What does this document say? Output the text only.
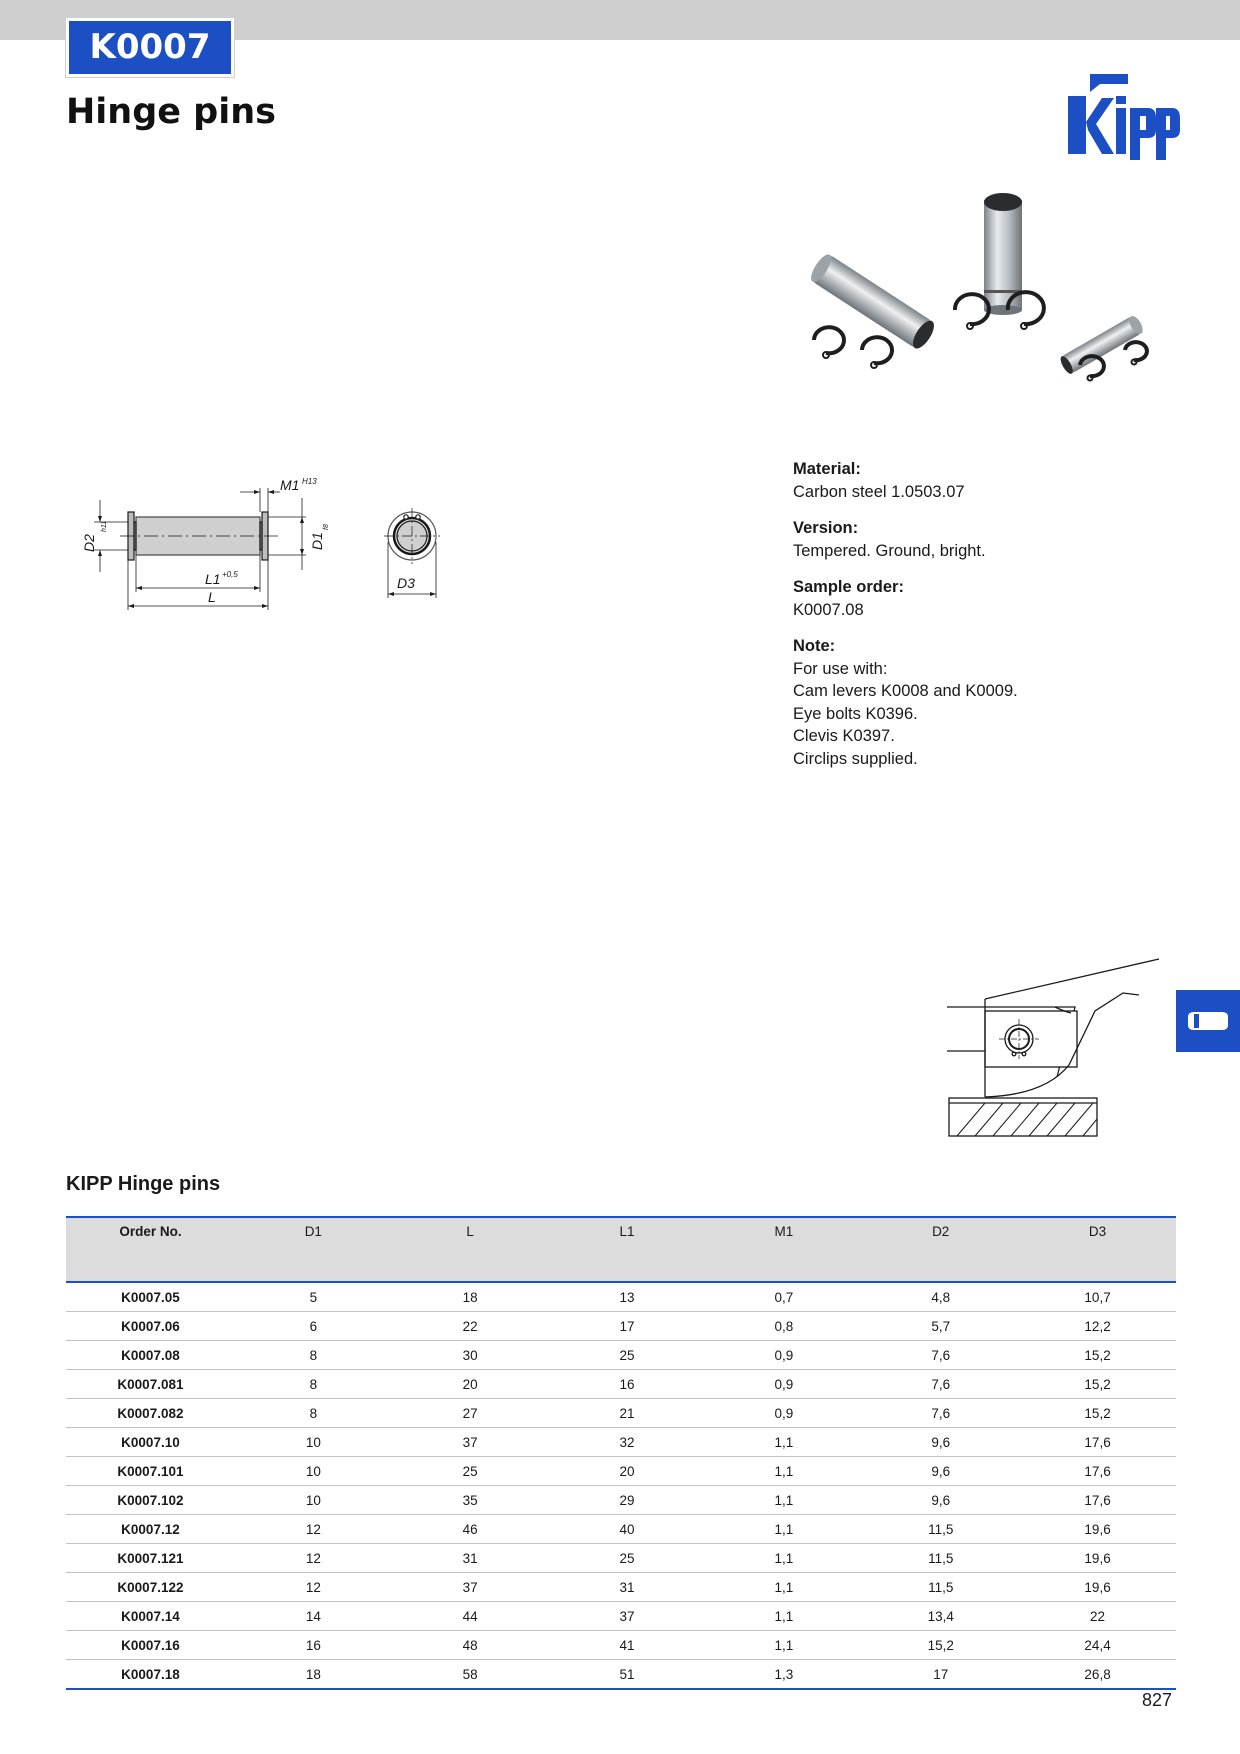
K0007
Hinge pins
M1 H13
L1 +0,5
L
D3
D2
h11
D1
f8
Material:
Carbon steel 1.0503.07
Version:
Tempered. Ground, bright.
Sample order:
K0007.08
Note:
For use with:
Cam levers K0008 and K0009.
Eye bolts K0396.
Clevis K0397.
Circlips supplied.
KIPP Hinge pins
Order No.	D1	L	L1	M1	D2	D3
K0007.05	5	18	13	0,7	4,8	10,7
K0007.06	6	22	17	0,8	5,7	12,2
K0007.08	8	30	25	0,9	7,6	15,2
K0007.081	8	20	16	0,9	7,6	15,2
K0007.082	8	27	21	0,9	7,6	15,2
K0007.10	10	37	32	1,1	9,6	17,6
K0007.101	10	25	20	1,1	9,6	17,6
K0007.102	10	35	29	1,1	9,6	17,6
K0007.12	12	46	40	1,1	11,5	19,6
K0007.121	12	31	25	1,1	11,5	19,6
K0007.122	12	37	31	1,1	11,5	19,6
K0007.14	14	44	37	1,1	13,4	22
K0007.16	16	48	41	1,1	15,2	24,4
K0007.18	18	58	51	1,3	17	26,8
827
